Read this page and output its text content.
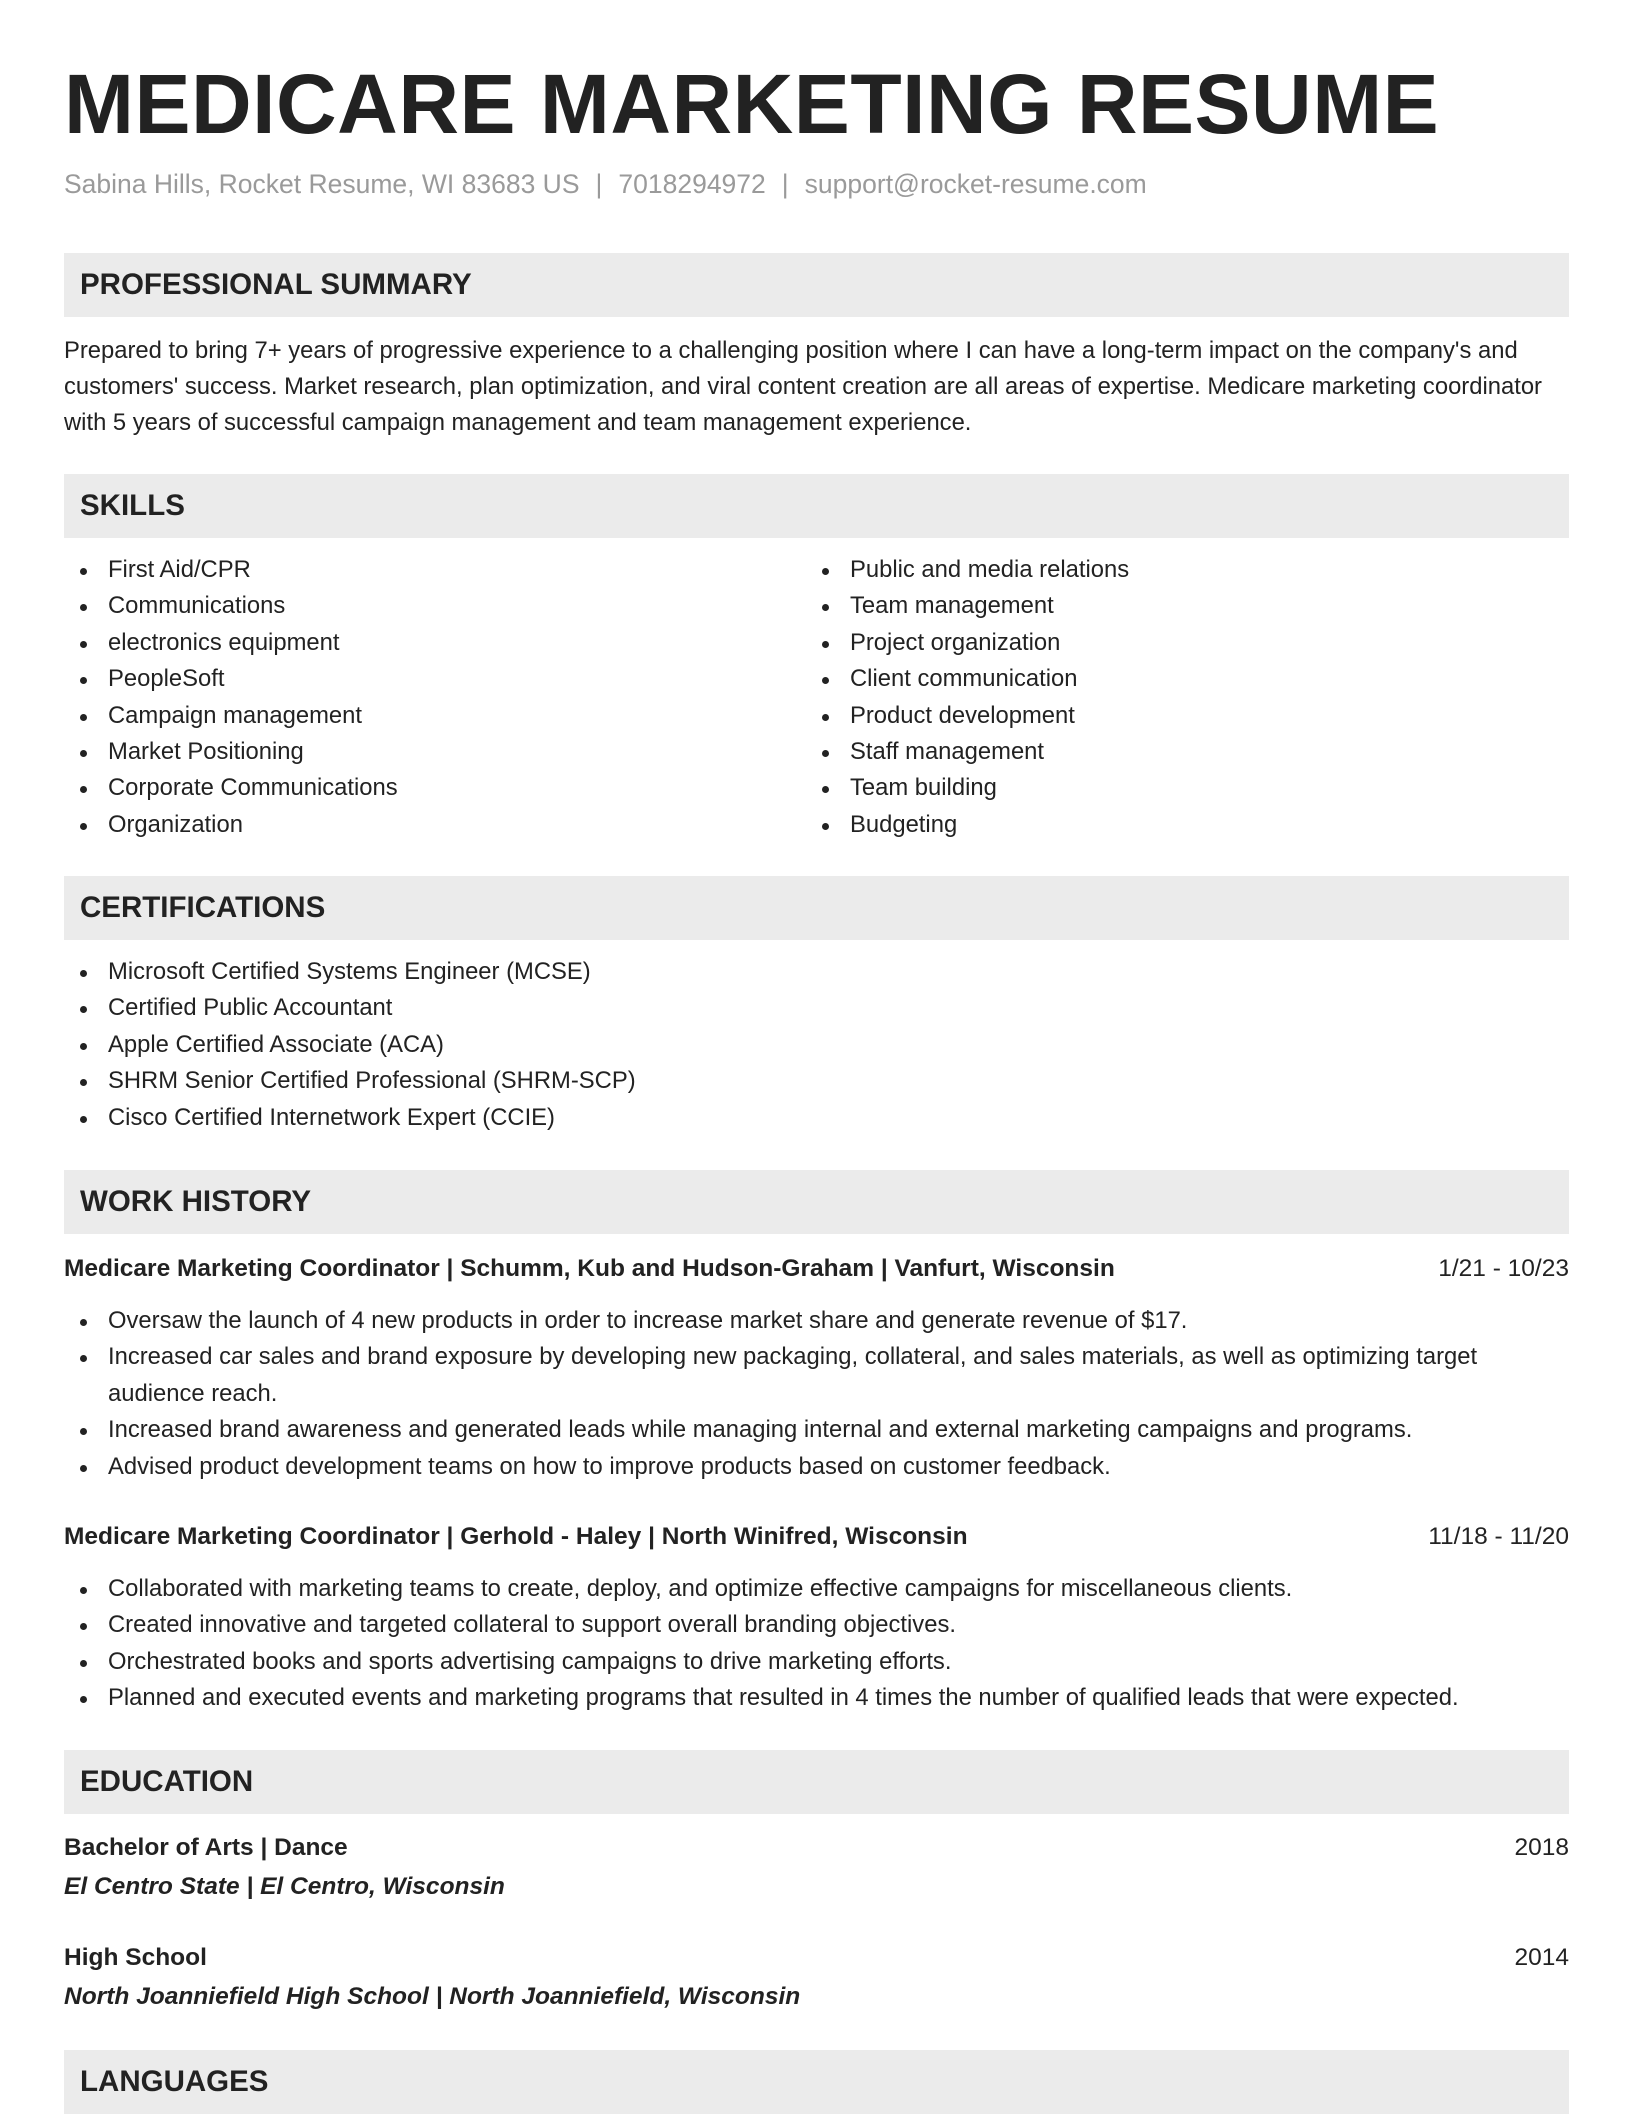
MEDICARE MARKETING RESUME
Sabina Hills, Rocket Resume, WI 83683 US | 7018294972 | support@rocket-resume.com
PROFESSIONAL SUMMARY

Prepared to bring 7+ years of progressive experience to a challenging position where I can have a long-term impact on the company's and customers' success. Market research, plan optimization, and viral content creation are all areas of expertise. Medicare marketing coordinator with 5 years of successful campaign management and team management experience.

SKILLS
First Aid/CPR
Communications
electronics equipment
PeopleSoft
Campaign management
Market Positioning
Corporate Communications
Organization
Public and media relations
Team management
Project organization
Client communication
Product development
Staff management
Team building
Budgeting
CERTIFICATIONS
Microsoft Certified Systems Engineer (MCSE)
Certified Public Accountant
Apple Certified Associate (ACA)
SHRM Senior Certified Professional (SHRM-SCP)
Cisco Certified Internetwork Expert (CCIE)
WORK HISTORY
Medicare Marketing Coordinator | Schumm, Kub and Hudson-Graham | Vanfurt, Wisconsin	1/21 - 10/23
Oversaw the launch of 4 new products in order to increase market share and generate revenue of $17.
Increased car sales and brand exposure by developing new packaging, collateral, and sales materials, as well as optimizing target audience reach.
Increased brand awareness and generated leads while managing internal and external marketing campaigns and programs.
Advised product development teams on how to improve products based on customer feedback.
Medicare Marketing Coordinator | Gerhold - Haley | North Winifred, Wisconsin	11/18 - 11/20
Collaborated with marketing teams to create, deploy, and optimize effective campaigns for miscellaneous clients.
Created innovative and targeted collateral to support overall branding objectives.
Orchestrated books and sports advertising campaigns to drive marketing efforts.
Planned and executed events and marketing programs that resulted in 4 times the number of qualified leads that were expected.
EDUCATION
Bachelor of Arts | Dance	2018
El Centro State | El Centro, Wisconsin
High School	2014
North Joanniefield High School | North Joanniefield, Wisconsin
LANGUAGES
